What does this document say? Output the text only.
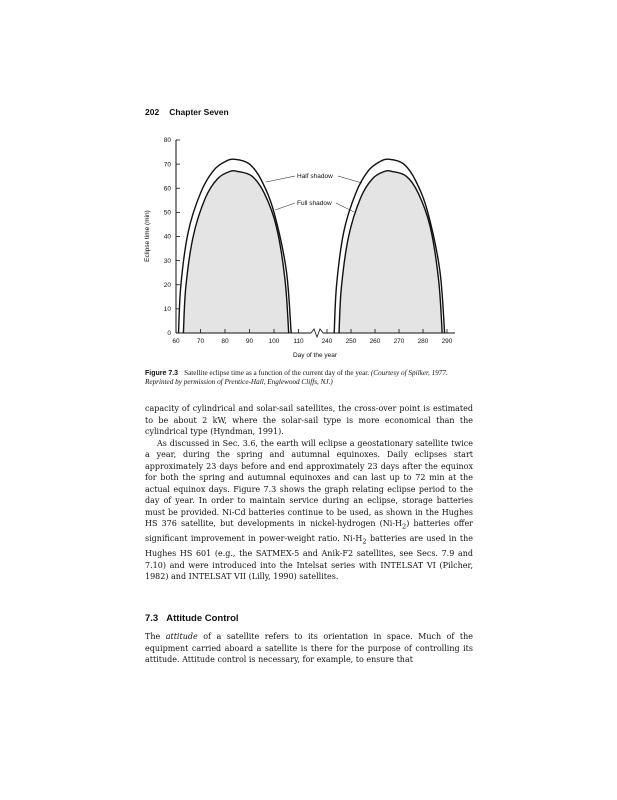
202 Chapter Seven
0
10
20
30
40
50
60
70
80
60	70	80	90 100 110	240 250 260 270 280 290
Half shadow
Full shadow
Day of the year
Eclipse time (min)
Figure 7.3 Satellite eclipse time as a function of the current day of the year. (Courtesy of Spilker, 1977. Reprinted by permission of Prentice-Hall, Englewood Cliffs, NJ.)

capacity of cylindrical and solar-sail satellites, the cross-over point is estimated to be about 2 kW, where the solar-sail type is more economical than the cylindrical type (Hyndman, 1991).

As discussed in Sec. 3.6, the earth will eclipse a geostationary satellite twice a year, during the spring and autumnal equinoxes. Daily eclipses start approximately 23 days before and end approximately 23 days after the equinox for both the spring and autumnal equinoxes and can last up to 72 min at the actual equinox days. Figure 7.3 shows the graph relating eclipse period to the day of year. In order to maintain service during an eclipse, storage batteries must be provided. Ni-Cd batteries continue to be used, as shown in the Hughes HS 376 satellite, but developments in nickel-hydrogen $(Ni-H_2)$ batteries offer significant improvement in power-weight ratio. $Ni-H_2$ batteries are used in the Hughes HS 601 (e.g., the SATMEX-5 and Anik-F2 satellites, see Secs. 7.9 and 7.10) and were introduced into the Intelsat series with INTELSAT VI (Pilcher, 1982) and INTELSAT VII (Lilly, 1990) satellites.

7.3 Attitude Control

The attitude of a satellite refers to its orientation in space. Much of the equipment carried aboard a satellite is there for the purpose of controlling its attitude. Attitude control is necessary, for example, to ensure that
